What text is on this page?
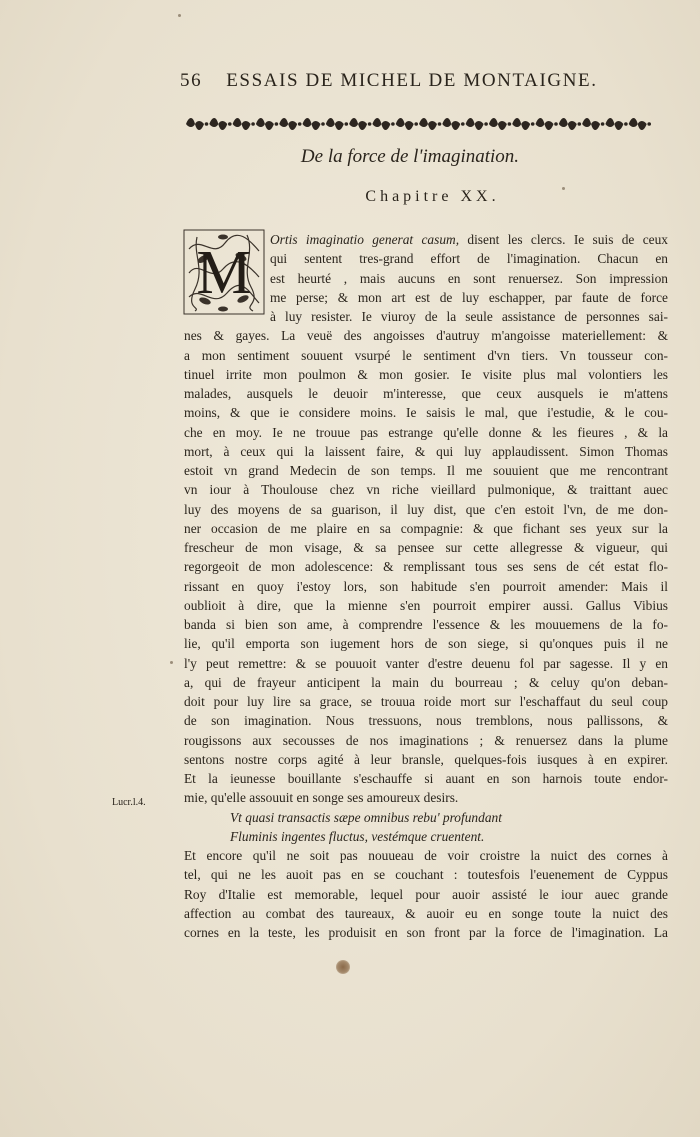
56 ESSAIS DE MICHEL DE MONTAIGNE.
De la force de l'imagination.
Chapitre XX.
M
Lucr.l.4.
Ortis imaginatio generat casum, disent les clercs. Ie suis de ceux
qui sentent tres-grand effort de l'imagination. Chacun en
est heurté , mais aucuns en sont renuersez. Son impression
me perse; & mon art est de luy eschapper, par faute de force
à luy resister. Ie viuroy de la seule assistance de personnes sai-
nes & gayes. La veuë des angoisses d'autruy m'angoisse materiellement: &
a mon sentiment souuent vsurpé le sentiment d'vn tiers. Vn tousseur con-
tinuel irrite mon poulmon & mon gosier. Ie visite plus mal volontiers les
malades, ausquels le deuoir m'interesse, que ceux ausquels ie m'attens
moins, & que ie considere moins. Ie saisis le mal, que i'estudie, & le cou-
che en moy. Ie ne trouue pas estrange qu'elle donne & les fieures , & la
mort, à ceux qui la laissent faire, & qui luy applaudissent. Simon Thomas
estoit vn grand Medecin de son temps. Il me souuient que me rencontrant
vn iour à Thoulouse chez vn riche vieillard pulmonique, & traittant auec
luy des moyens de sa guarison, il luy dist, que c'en estoit l'vn, de me don-
ner occasion de me plaire en sa compagnie: & que fichant ses yeux sur la
frescheur de mon visage, & sa pensee sur cette allegresse & vigueur, qui
regorgeoit de mon adolescence: & remplissant tous ses sens de cét estat flo-
rissant en quoy i'estoy lors, son habitude s'en pourroit amender: Mais il
oublioit à dire, que la mienne s'en pourroit empirer aussi. Gallus Vibius
banda si bien son ame, à comprendre l'essence & les mouuemens de la fo-
lie, qu'il emporta son iugement hors de son siege, si qu'onques puis il ne
l'y peut remettre: & se pouuoit vanter d'estre deuenu fol par sagesse. Il y en
a, qui de frayeur anticipent la main du bourreau ; & celuy qu'on deban-
doit pour luy lire sa grace, se trouua roide mort sur l'eschaffaut du seul coup
de son imagination. Nous tressuons, nous tremblons, nous pallissons, &
rougissons aux secousses de nos imaginations ; & renuersez dans la plume
sentons nostre corps agité à leur bransle, quelques-fois iusques à en expirer.
Et la ieunesse bouillante s'eschauffe si auant en son harnois toute endor-
mie, qu'elle assouuit en songe ses amoureux desirs.
Vt quasi transactis sæpe omnibus rebu' profundant
Fluminis ingentes fluctus, vestémque cruentent.
Et encore qu'il ne soit pas nouueau de voir croistre la nuict des cornes à
tel, qui ne les auoit pas en se couchant : toutesfois l'euenement de Cyppus
Roy d'Italie est memorable, lequel pour auoir assisté le iour auec grande
affection au combat des taureaux, & auoir eu en songe toute la nuict des
cornes en la teste, les produisit en son front par la force de l'imagination. La
